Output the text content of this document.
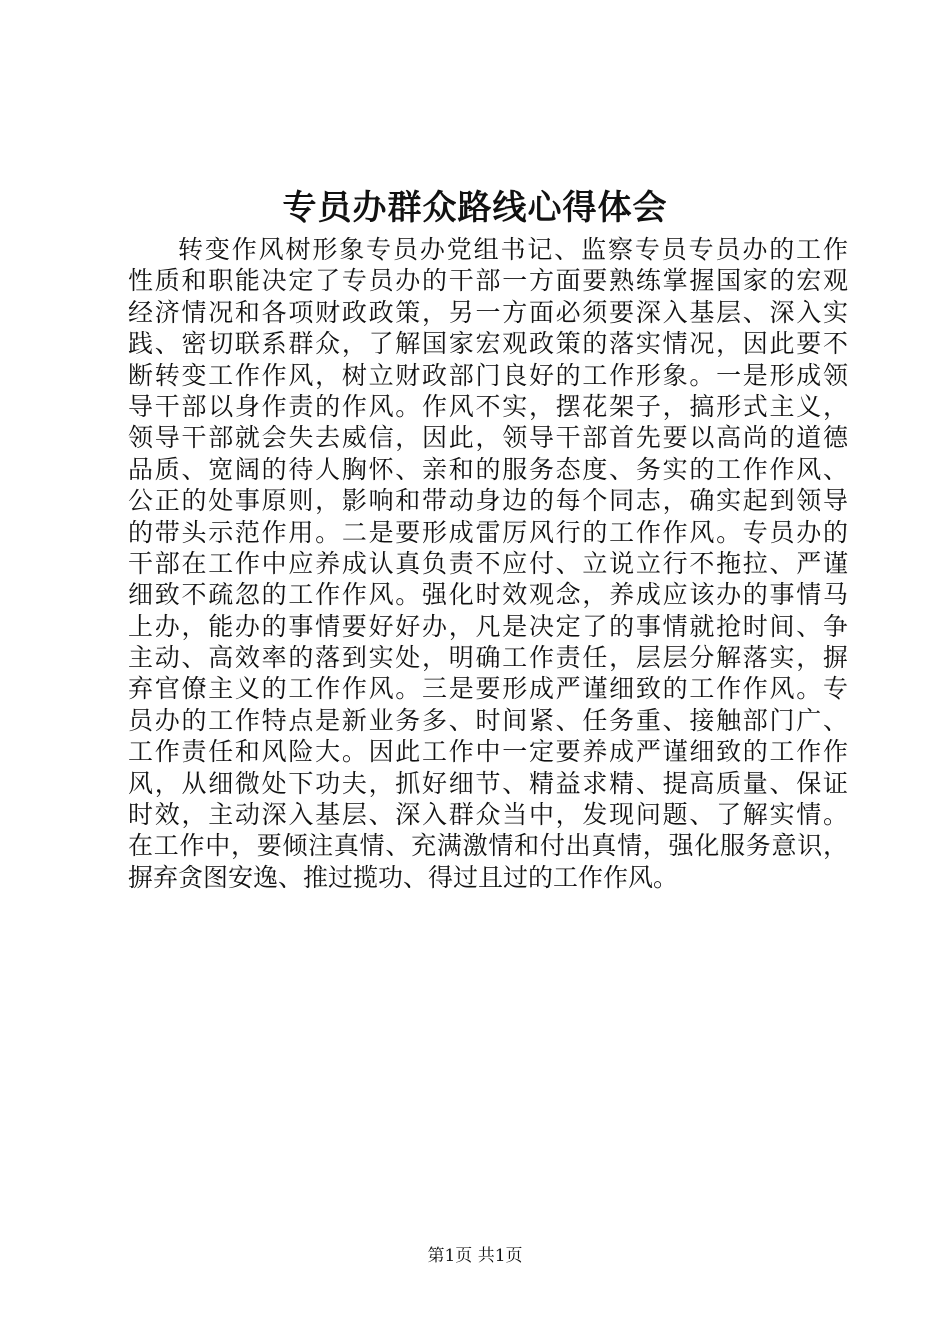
专员办群众路线心得体会
转变作风树形象专员办党组书记、监察专员专员办的工作
性质和职能决定了专员办的干部一方面要熟练掌握国家的宏观
经济情况和各项财政政策，另一方面必须要深入基层、深入实
践、密切联系群众，了解国家宏观政策的落实情况，因此要不
断转变工作作风，树立财政部门良好的工作形象。一是形成领
导干部以身作责的作风。作风不实，摆花架子，搞形式主义，
领导干部就会失去威信，因此，领导干部首先要以高尚的道德
品质、宽阔的待人胸怀、亲和的服务态度、务实的工作作风、
公正的处事原则，影响和带动身边的每个同志，确实起到领导
的带头示范作用。二是要形成雷厉风行的工作作风。专员办的
干部在工作中应养成认真负责不应付、立说立行不拖拉、严谨
细致不疏忽的工作作风。强化时效观念，养成应该办的事情马
上办，能办的事情要好好办，凡是决定了的事情就抢时间、争
主动、高效率的落到实处，明确工作责任，层层分解落实，摒
弃官僚主义的工作作风。三是要形成严谨细致的工作作风。专
员办的工作特点是新业务多、时间紧、任务重、接触部门广、
工作责任和风险大。因此工作中一定要养成严谨细致的工作作
风，从细微处下功夫，抓好细节、精益求精、提高质量、保证
时效，主动深入基层、深入群众当中，发现问题、了解实情。
在工作中，要倾注真情、充满激情和付出真情，强化服务意识，
摒弃贪图安逸、推过揽功、得过且过的工作作风。
第1页 共1页
